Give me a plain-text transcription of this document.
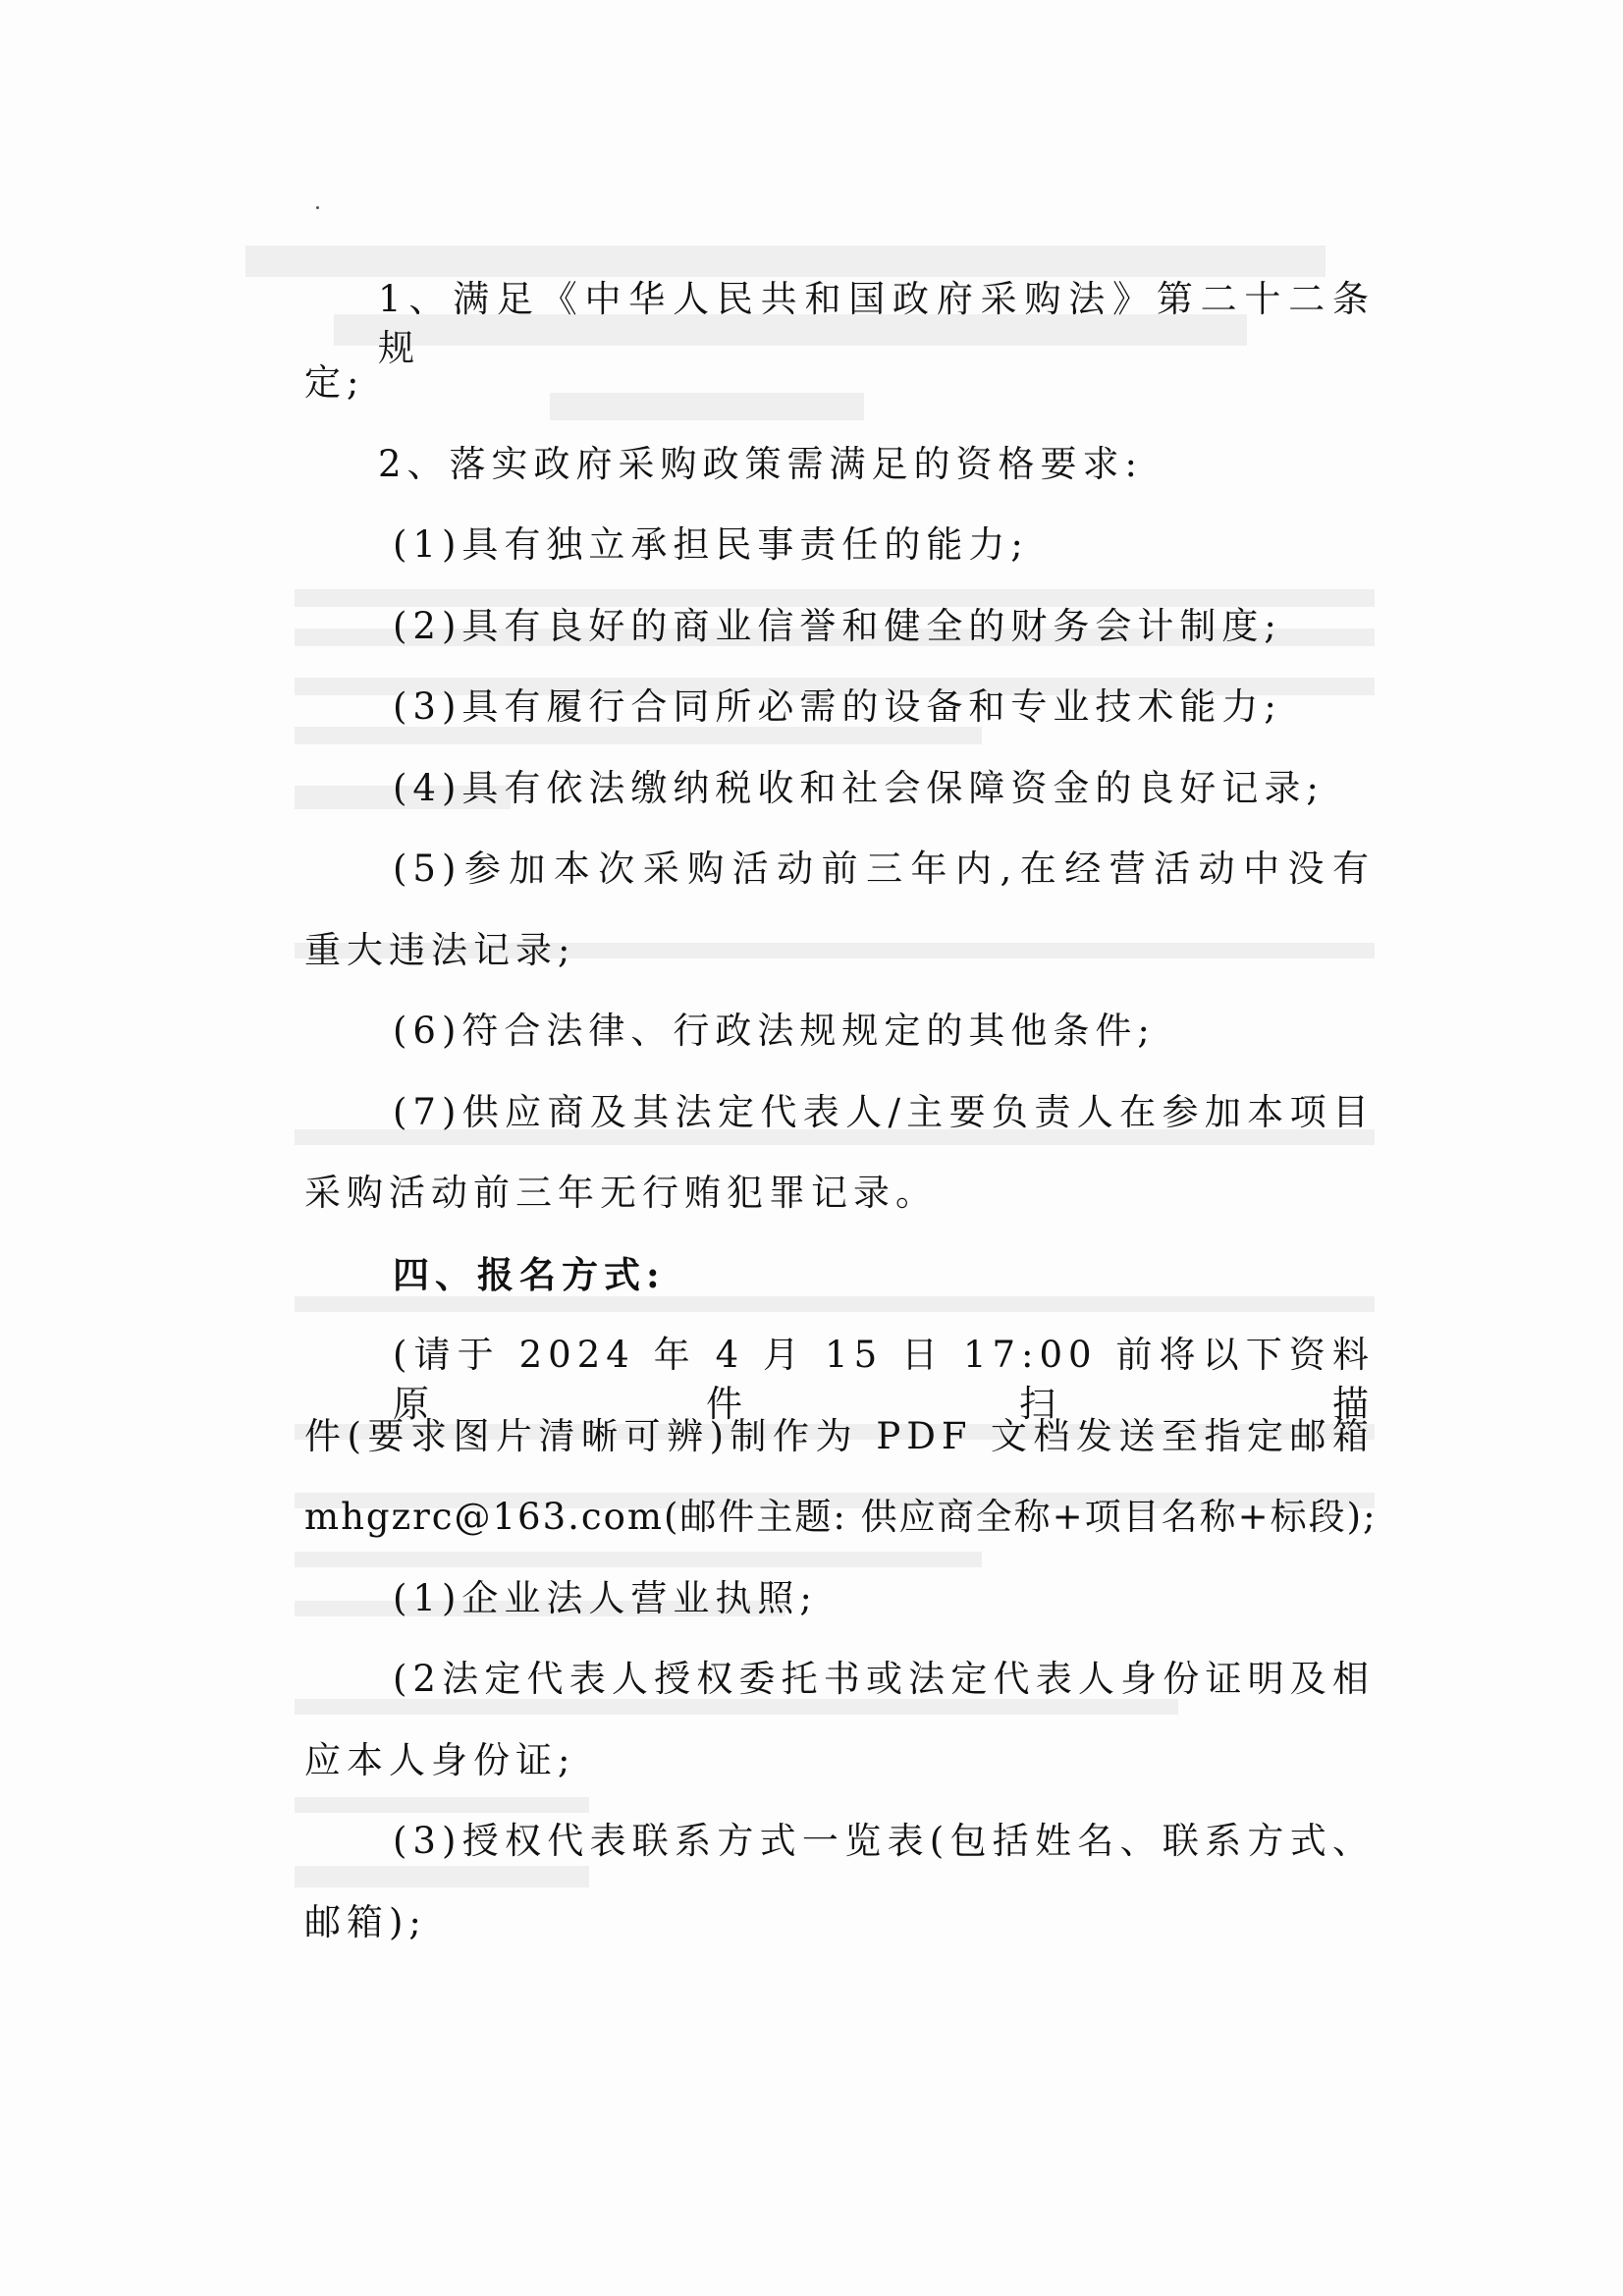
1、满足《中华人民共和国政府采购法》第二十二条规
定;
2、落实政府采购政策需满足的资格要求:
(1)具有独立承担民事责任的能力;
(2)具有良好的商业信誉和健全的财务会计制度;
(3)具有履行合同所必需的设备和专业技术能力;
(4)具有依法缴纳税收和社会保障资金的良好记录;
(5)参加本次采购活动前三年内,在经营活动中没有
重大违法记录;
(6)符合法律、行政法规规定的其他条件;
(7)供应商及其法定代表人/主要负责人在参加本项目
采购活动前三年无行贿犯罪记录。
四、报名方式:
(请于 2024 年 4 月 15 日 17:00 前将以下资料原件扫描
件(要求图片清晰可辨)制作为 PDF 文档发送至指定邮箱
mhgzrc@163.com(邮件主题: 供应商全称+项目名称+标段);
(1)企业法人营业执照;
(2法定代表人授权委托书或法定代表人身份证明及相
应本人身份证;
(3)授权代表联系方式一览表(包括姓名、联系方式、
邮箱);
